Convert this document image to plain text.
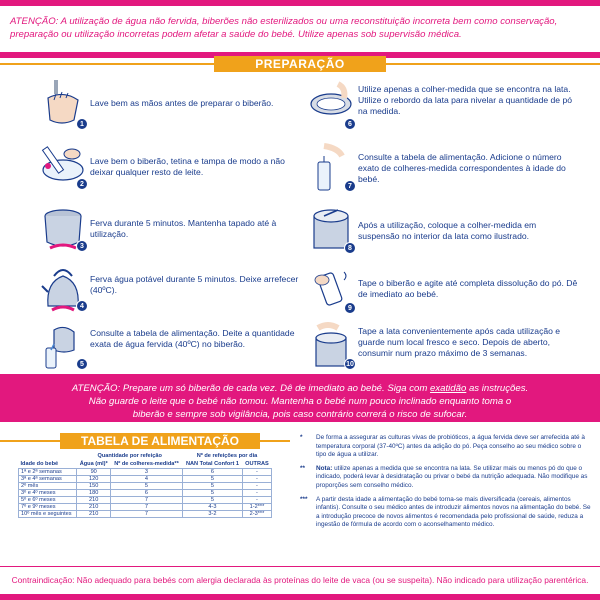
ATENÇÃO: A utilização de água não fervida, biberões não esterilizados ou uma reconstituição incorreta bem como conservação, preparação ou utilização incorretas podem afetar a saúde do bebé. Utilize apenas sob supervisão médica.
PREPARAÇÃO
1
Lave bem as mãos antes de preparar o biberão.
2
Lave bem o biberão, tetina e tampa de modo a não deixar qualquer resto de leite.
3
Ferva durante 5 minutos. Mantenha tapado até à utilização.
4
Ferva água potável durante 5 minutos. Deixe arrefecer (40ºC).
5
Consulte a tabela de alimentação. Deite a quantidade exata de água fervida (40ºC) no biberão.
6
Utilize apenas a colher-medida que se encontra na lata. Utilize o rebordo da lata para nivelar a quantidade de pó na medida.
7
Consulte a tabela de alimentação. Adicione o número exato de colheres-medida correspondentes à idade do bebé.
8
Após a utilização, coloque a colher-medida em suspensão no interior da lata como ilustrado.
9
Tape o biberão e agite até completa dissolução do pó. Dê de imediato ao bebé.
10
Tape a lata convenientemente após cada utilização e guarde num local fresco e seco. Depois de aberto, consumir num prazo máximo de 3 semanas.
ATENÇÃO: Prepare um só biberão de cada vez. Dê de imediato ao bebé. Siga com exatidão as instruções.
Não guarde o leite que o bebé não tomou. Mantenha o bebé num pouco inclinado enquanto toma o
biberão e sempre sob vigilância, pois caso contrário correrá o risco de sufocar.
TABELA DE ALIMENTAÇÃO
	Quantidade por refeição		Nº de refeições por dia	
Idade do bebé	Água (ml)*	Nº de colheres-medida**	NAN Total Confort 1	OUTRAS
1ª e 2ª semanas	90	3	6	-
3ª e 4ª semanas	120	4	5	-
2º mês	150	5	5	-
3º e 4º meses	180	6	5	-
5º e 6º meses	210	7	5	-
7º e 9º meses	210	7	4-3	1-2***
10º mês e seguintes	210	7	3-2	2-3***
* De forma a assegurar as culturas vivas de probióticos, a água fervida deve ser arrefecida até à temperatura corporal (37-40ºC) antes da adição do pó. Peça conselho ao seu médico sobre o tipo de água a utilizar.
** Nota: utilize apenas a medida que se encontra na lata. Se utilizar mais ou menos pó do que o indicado, poderá levar à desidratação ou privar o bebé da nutrição adequada. Não modifique as proporções sem conselho médico.
*** A partir desta idade a alimentação do bebé torna-se mais diversificada (cereais, alimentos infantis). Consulte o seu médico antes de introduzir alimentos novos na alimentação do bebé. Se a introdução precoce de novos alimentos é recomendada pelo profissional de saúde, reduza a ingestão de fórmula de acordo com o aconselhamento médico.
Contraindicação: Não adequado para bebés com alergia declarada às proteínas do leite de vaca (ou se suspeita). Não indicado para utilização parentérica.
